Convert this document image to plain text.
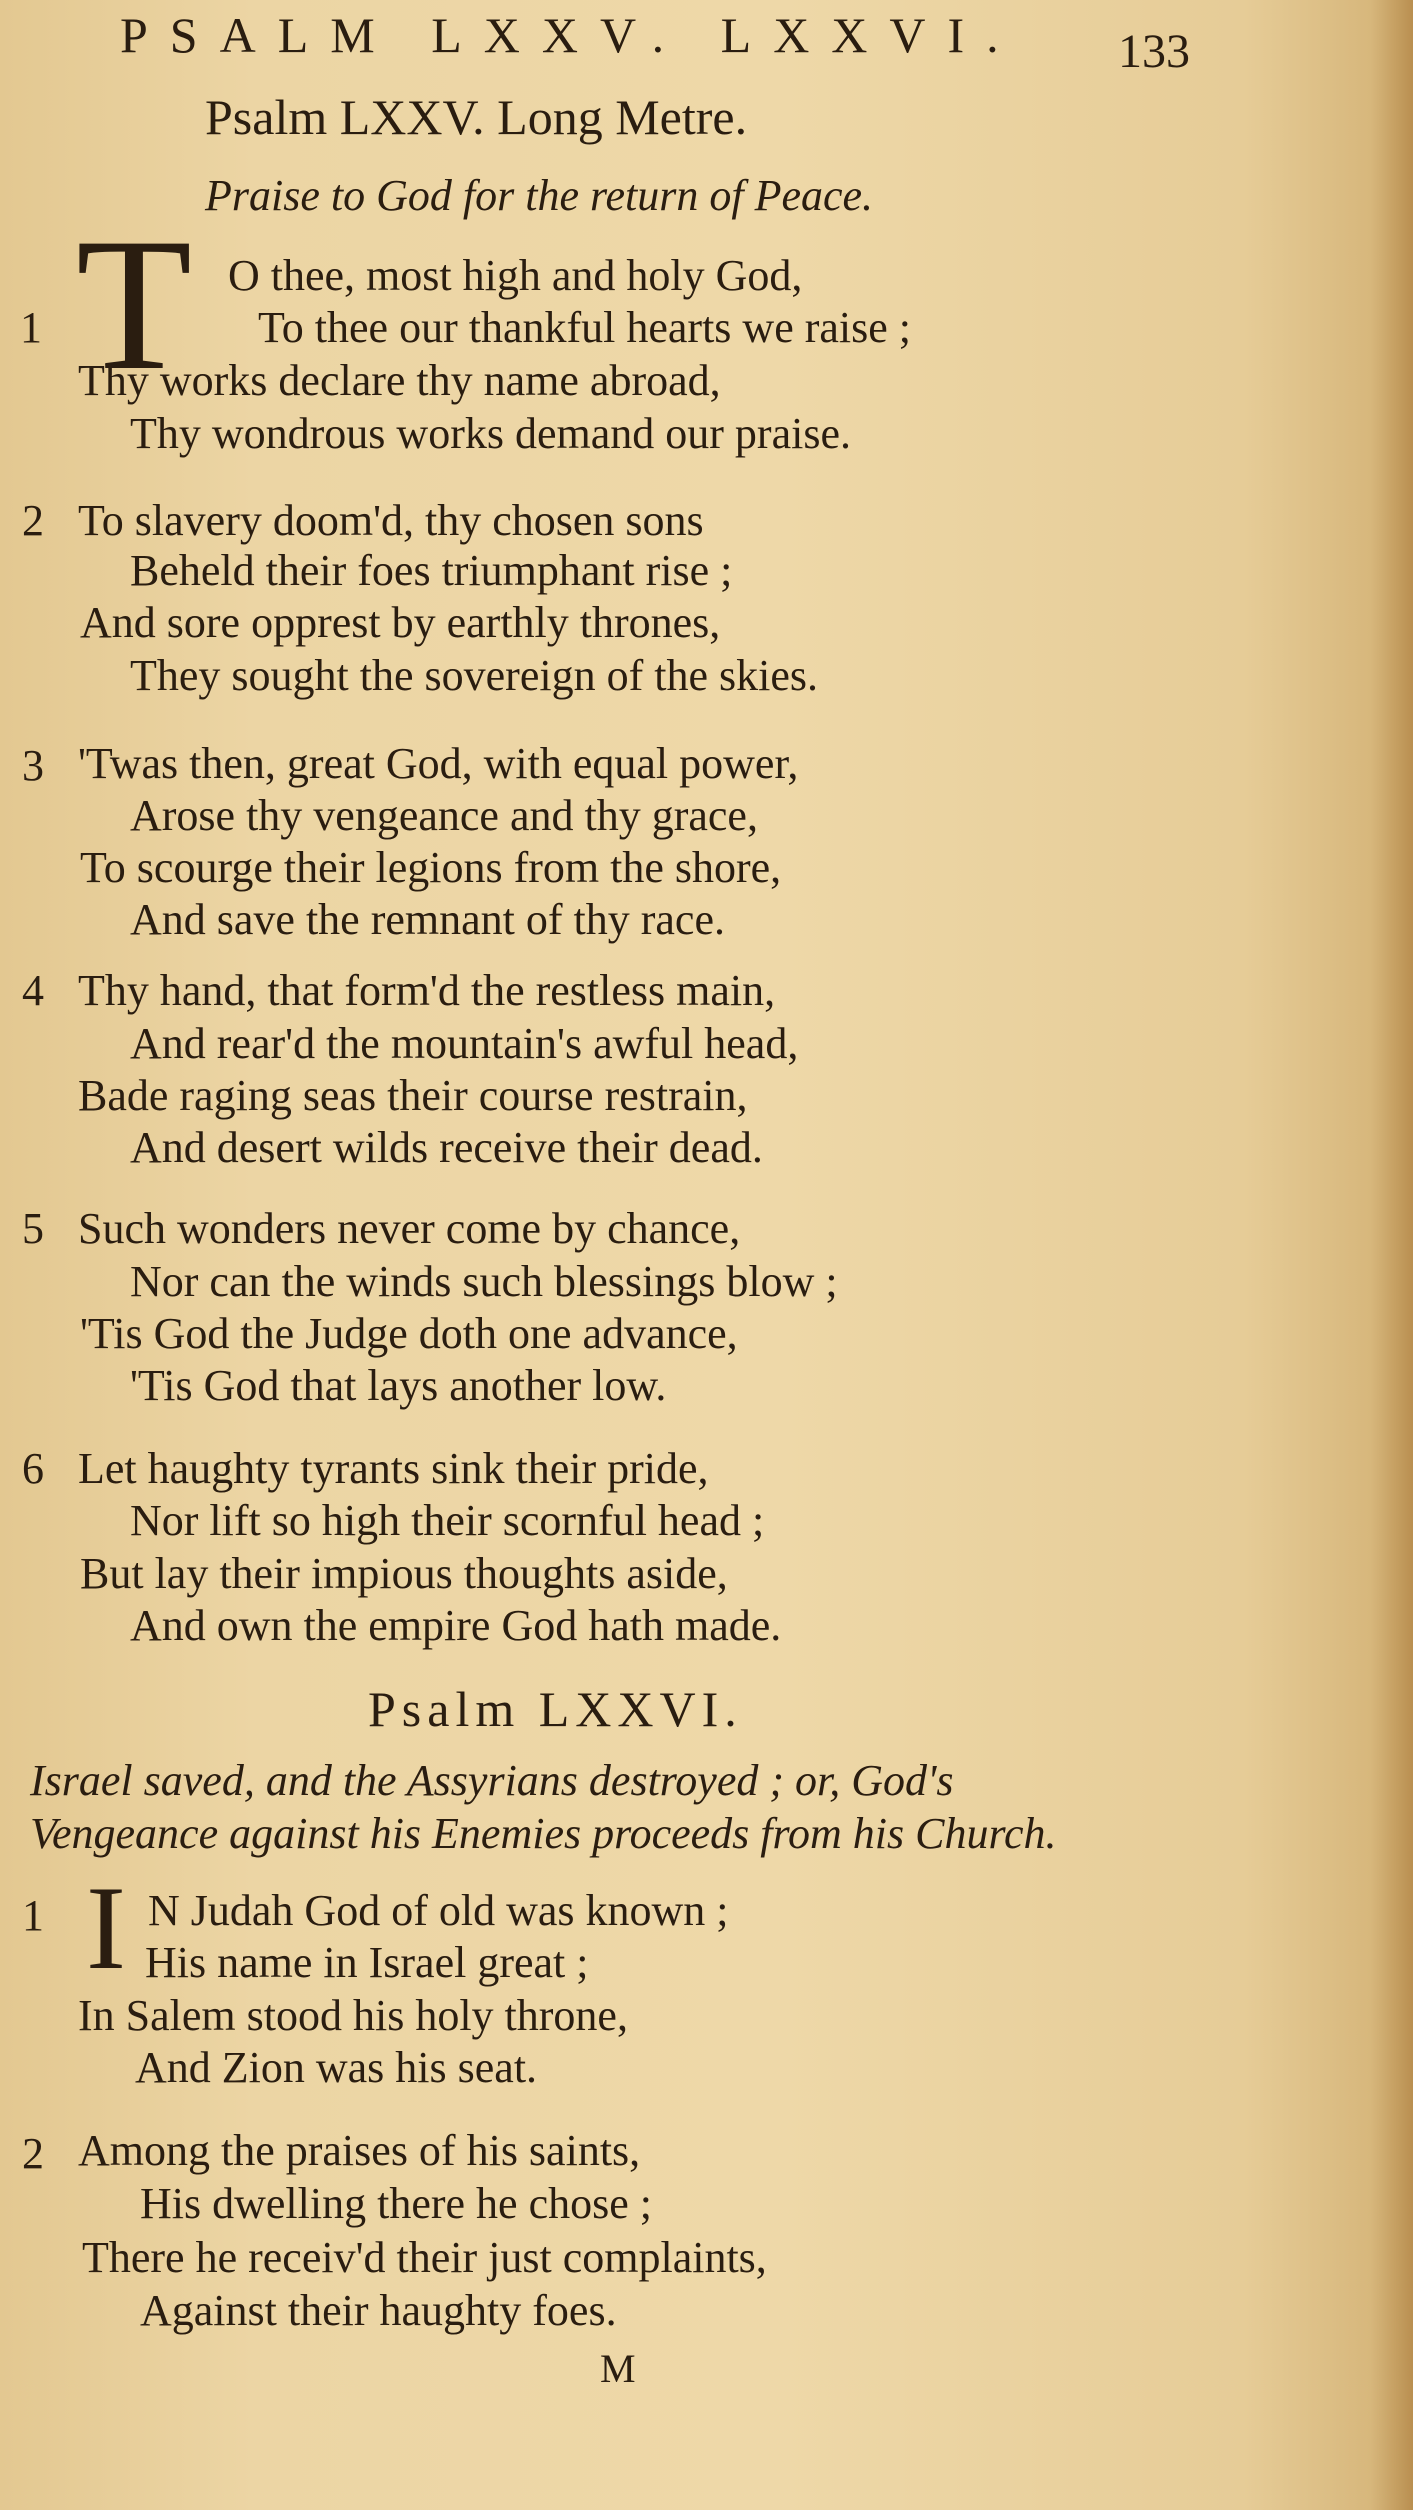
PSALM LXXV. LXXVI. 133
Psalm LXXV. Long Metre.
Praise to God for the return of Peace.
T
1
O thee, most high and holy God,
To thee our thankful hearts we raise ;
Thy works declare thy name abroad,
Thy wondrous works demand our praise.
2 To slavery doom'd, thy chosen sons
Beheld their foes triumphant rise ;
And sore opprest by earthly thrones,
They sought the sovereign of the skies.
3 'Twas then, great God, with equal power,
Arose thy vengeance and thy grace,
To scourge their legions from the shore,
And save the remnant of thy race.
4 Thy hand, that form'd the restless main,
And rear'd the mountain's awful head,
Bade raging seas their course restrain,
And desert wilds receive their dead.
5 Such wonders never come by chance,
Nor can the winds such blessings blow ;
'Tis God the Judge doth one advance,
'Tis God that lays another low.
6 Let haughty tyrants sink their pride,
Nor lift so high their scornful head ;
But lay their impious thoughts aside,
And own the empire God hath made.
Psalm LXXVI.
Israel saved, and the Assyrians destroyed ; or, God's
Vengeance against his Enemies proceeds from his Church.
I
1 N Judah God of old was known ;
His name in Israel great ;
In Salem stood his holy throne,
And Zion was his seat.
2 Among the praises of his saints,
His dwelling there he chose ;
There he receiv'd their just complaints,
Against their haughty foes.
M
